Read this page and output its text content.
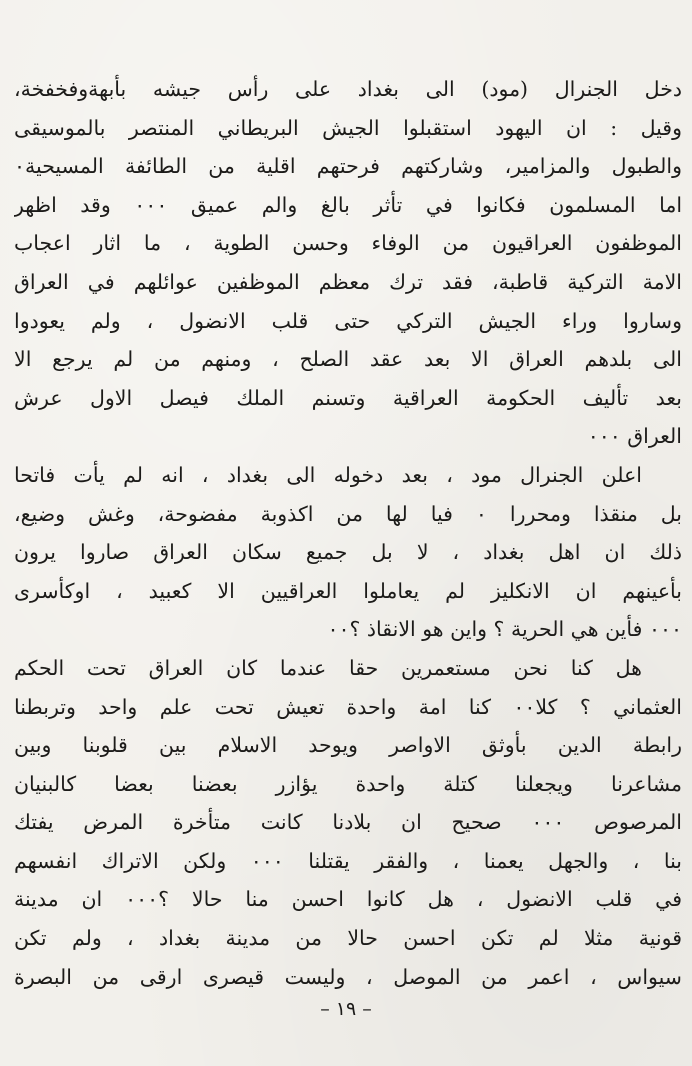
دخل الجنرال (مود) الى بغداد على رأس جيشه بأبهةوفخفخة،
وقيل : ان اليهود استقبلوا الجيش البريطاني المنتصر بالموسيقى
والطبول والمزامير، وشاركتهم فرحتهم اقلية من الطائفة المسيحية٠
اما المسلمون فكانوا في تأثر بالغ والم عميق ٠٠٠ وقد اظهر
الموظفون العراقيون من الوفاء وحسن الطوية ، ما اثار اعجاب
الامة التركية قاطبة، فقد ترك معظم الموظفين عوائلهم في العراق
وساروا وراء الجيش التركي حتى قلب الانضول ، ولم يعودوا
الى بلدهم العراق الا بعد عقد الصلح ، ومنهم من لم يرجع الا
بعد تأليف الحكومة العراقية وتسنم الملك فيصل الاول عرش
العراق ٠٠٠
اعلن الجنرال مود ، بعد دخوله الى بغداد ، انه لم يأت فاتحا
بل منقذا ومحررا ٠ فيا لها من اكذوبة مفضوحة، وغش وضيع،
ذلك ان اهل بغداد ، لا بل جميع سكان العراق صاروا يرون
بأعينهم ان الانكليز لم يعاملوا العراقيين الا كعبيد ، اوكأسرى
٠٠٠ فأين هي الحرية ؟ واين هو الانقاذ ؟٠٠
هل كنا نحن مستعمرين حقا عندما كان العراق تحت الحكم
العثماني ؟ كلا٠٠ كنا امة واحدة تعيش تحت علم واحد وتربطنا
رابطة الدين بأوثق الاواصر ويوحد الاسلام بين قلوبنا وبين
مشاعرنا ويجعلنا كتلة واحدة يؤازر بعضنا بعضا كالبنيان
المرصوص ٠٠٠ صحيح ان بلادنا كانت متأخرة المرض يفتك
بنا ، والجهل يعمنا ، والفقر يقتلنا ٠٠٠ ولكن الاتراك انفسهم
في قلب الانضول ، هل كانوا احسن منا حالا ؟٠٠٠ ان مدينة
قونية مثلا لم تكن احسن حالا من مدينة بغداد ، ولم تكن
سيواس ، اعمر من الموصل ، وليست قيصرى ارقى من البصرة
– ١٩ –
